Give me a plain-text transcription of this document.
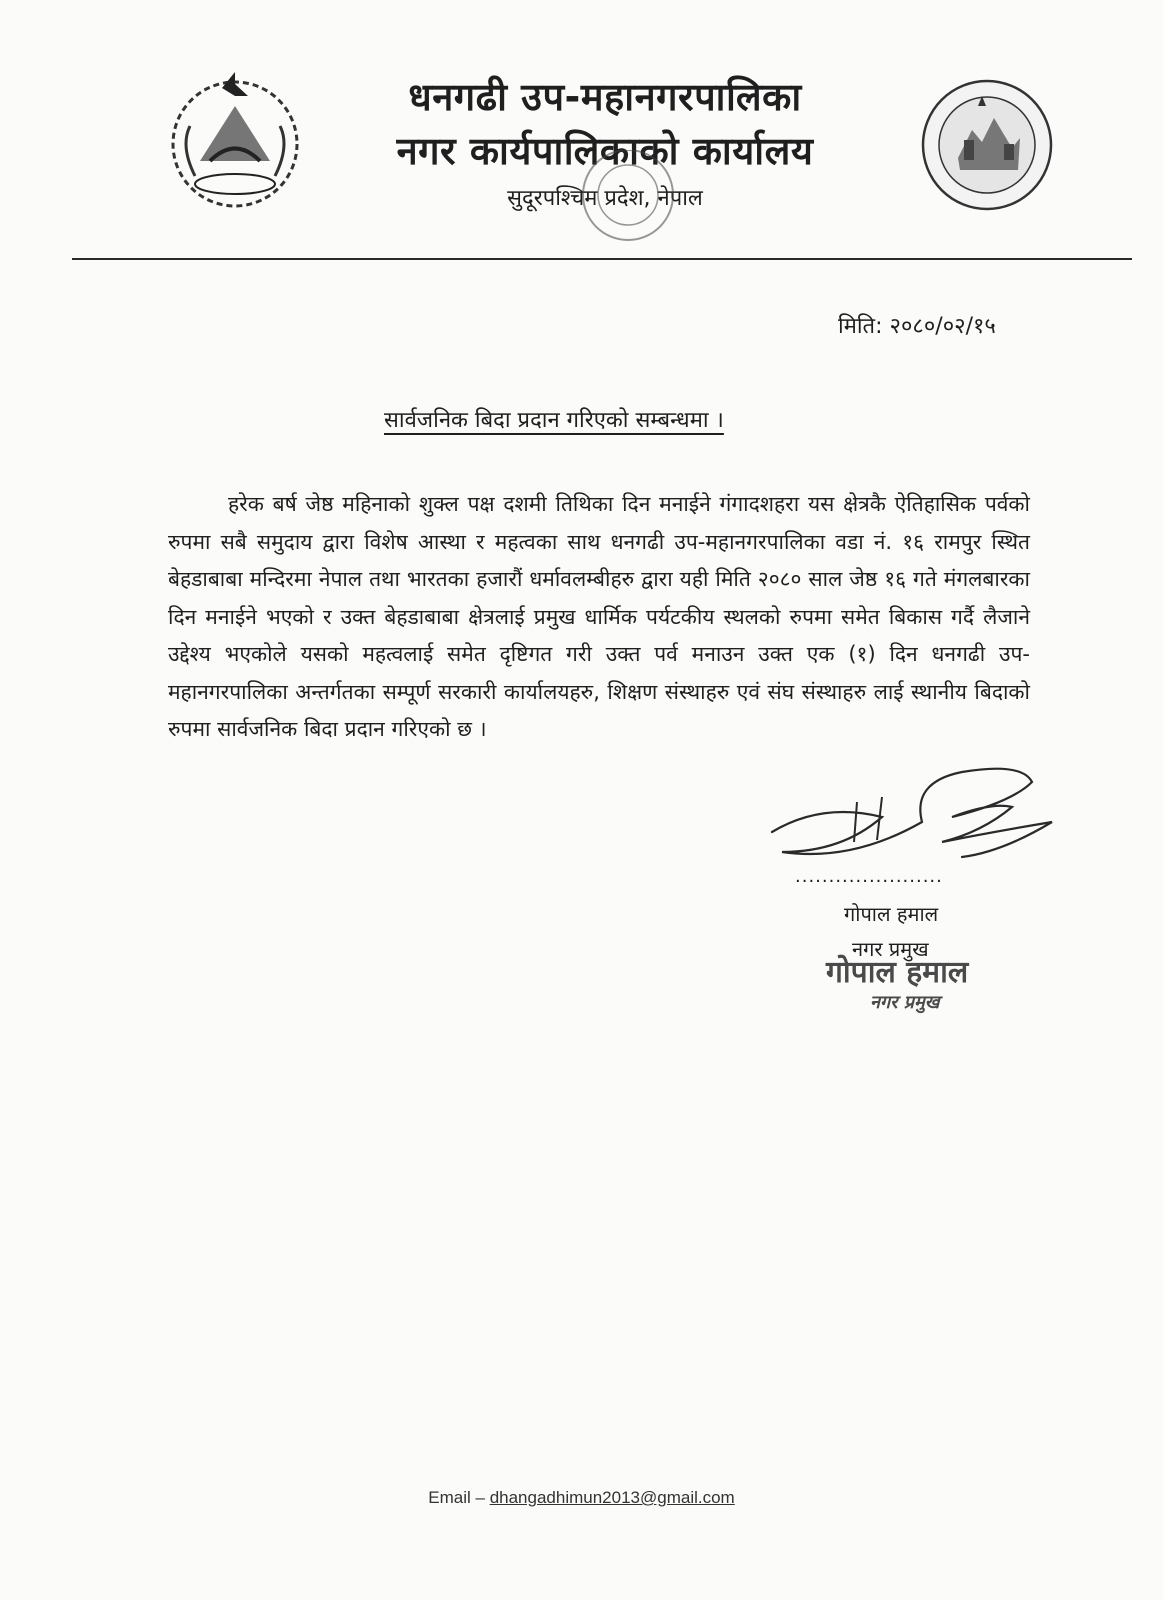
धनगढी उप-महानगरपालिका
नगर कार्यपालिकाको कार्यालय
सुदूरपश्चिम प्रदेश, नेपाल
मिति: २०८०/०२/१५
सार्वजनिक बिदा प्रदान गरिएको सम्बन्धमा ।
हरेक बर्ष जेष्ठ महिनाको शुक्ल पक्ष दशमी तिथिका दिन मनाईने गंगादशहरा यस क्षेत्रकै ऐतिहासिक पर्वको रुपमा सबै समुदाय द्वारा विशेष आस्था र महत्वका साथ धनगढी उप-महानगरपालिका वडा नं. १६ रामपुर स्थित बेहडाबाबा मन्दिरमा नेपाल तथा भारतका हजारौं धर्मावलम्बीहरु द्वारा यही मिति २०८० साल जेष्ठ १६ गते मंगलबारका दिन मनाईने भएको र उक्त बेहडाबाबा क्षेत्रलाई प्रमुख धार्मिक पर्यटकीय स्थलको रुपमा समेत बिकास गर्दै लैजाने उद्देश्य भएकोले यसको महत्वलाई समेत दृष्टिगत गरी उक्त पर्व मनाउन उक्त एक (१) दिन धनगढी उप-महानगरपालिका अन्तर्गतका सम्पूर्ण सरकारी कार्यालयहरु, शिक्षण संस्थाहरु एवं संघ संस्थाहरु लाई स्थानीय बिदाको रुपमा सार्वजनिक बिदा प्रदान गरिएको छ ।
......................
गोपाल हमाल
नगर प्रमुख
गोपाल हमाल
नगर प्रमुख
Email – dhangadhimun2013@gmail.com
